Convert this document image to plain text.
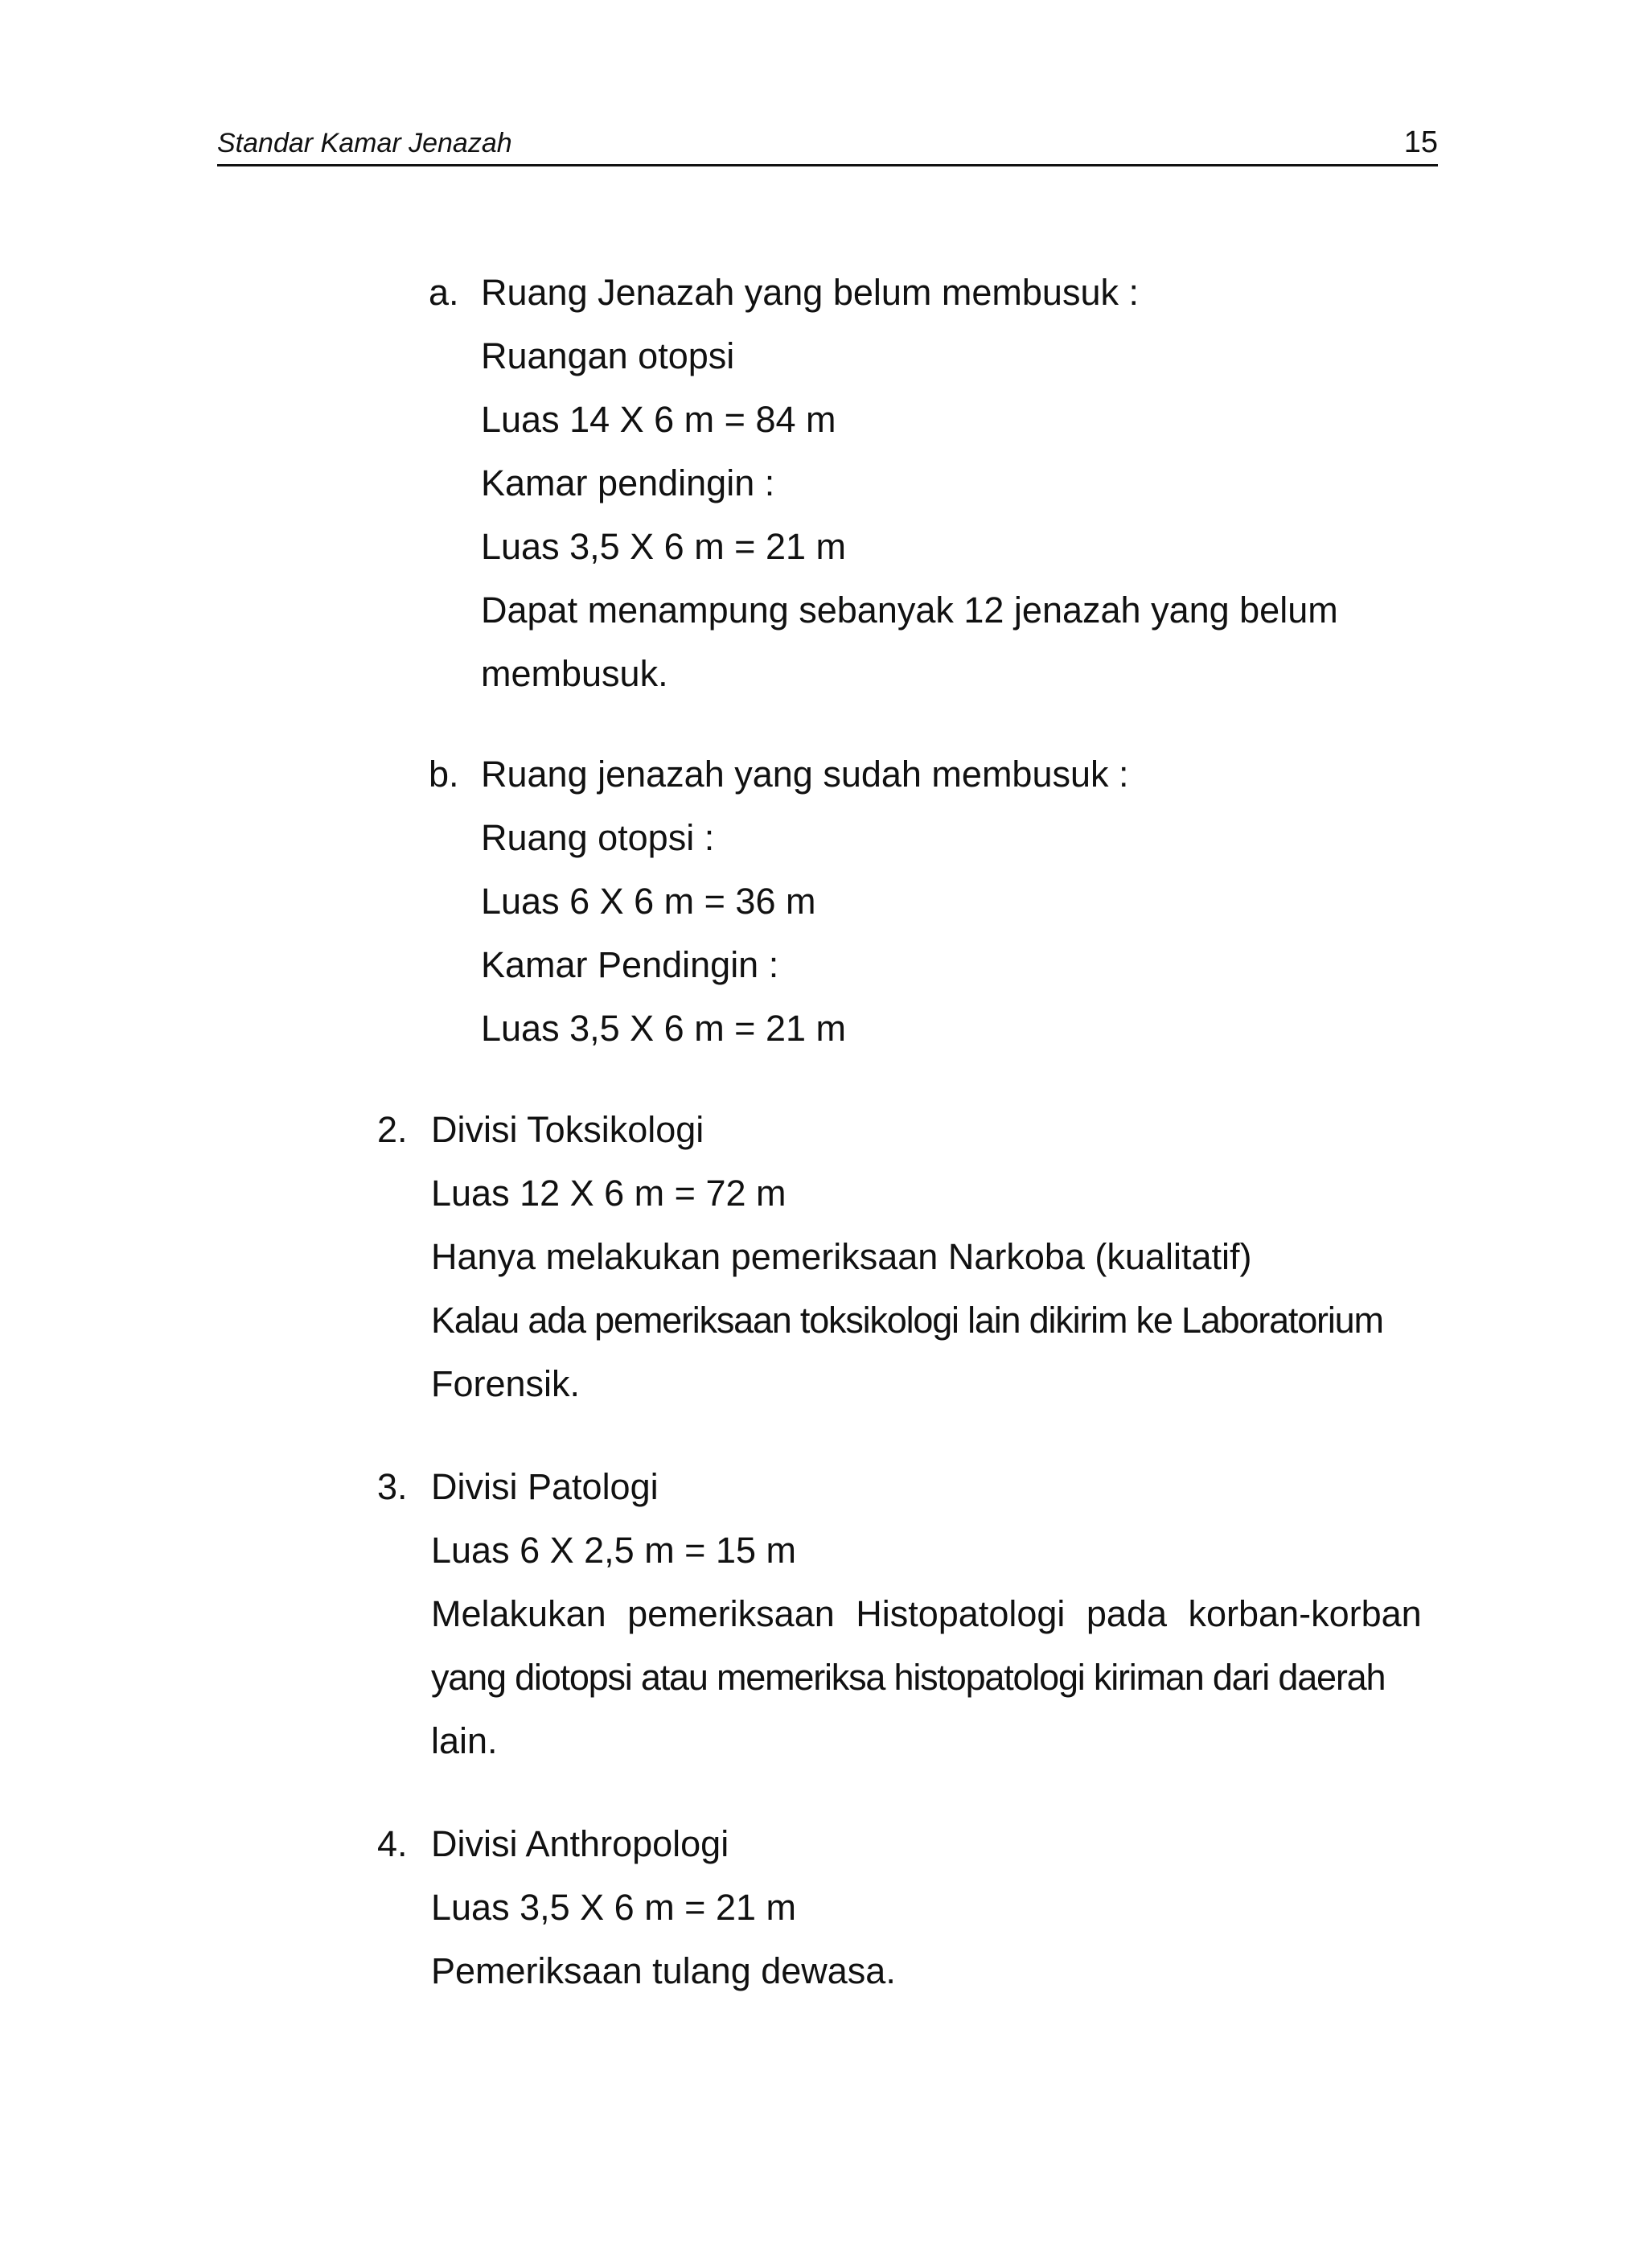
Standar Kamar Jenazah	15
a. Ruang Jenazah yang belum membusuk :
Ruangan otopsi
Luas 14 X 6 m = 84 m
Kamar pendingin :
Luas 3,5 X 6 m = 21 m
Dapat menampung sebanyak 12 jenazah yang belum
membusuk.
b. Ruang jenazah yang sudah membusuk :
Ruang otopsi :
Luas 6 X 6 m = 36 m
Kamar Pendingin :
Luas 3,5 X 6 m = 21 m
2. Divisi Toksikologi
Luas 12 X 6 m = 72 m
Hanya melakukan pemeriksaan Narkoba (kualitatif)
Kalau ada pemeriksaan toksikologi lain dikirim ke Laboratorium
Forensik.
3. Divisi Patologi
Luas 6 X 2,5 m = 15 m
Melakukan pemeriksaan Histopatologi pada korban-korban
yang diotopsi atau memeriksa histopatologi kiriman dari daerah
lain.
4. Divisi Anthropologi
Luas 3,5 X 6 m = 21 m
Pemeriksaan tulang dewasa.
